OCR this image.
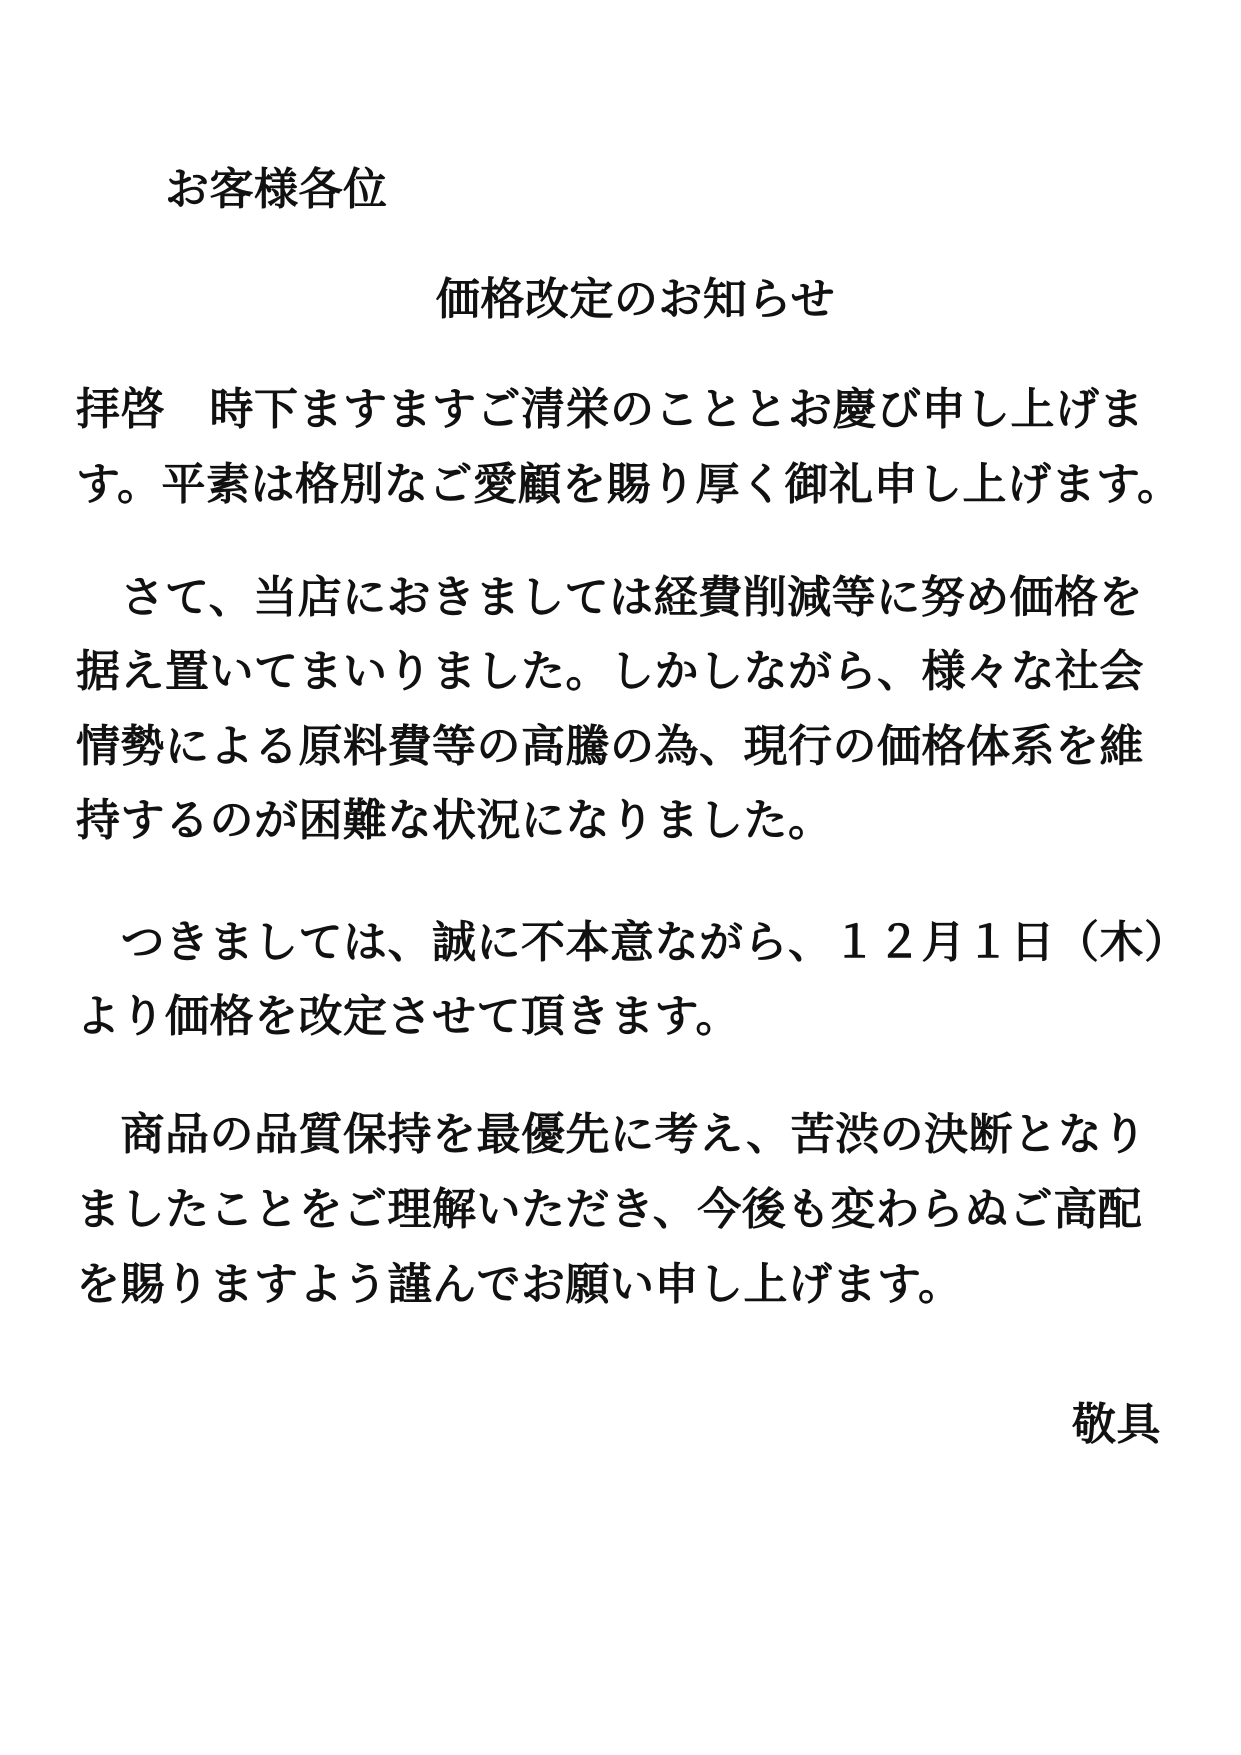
お客様各位
価格改定のお知らせ
拝啓　時下ますますご清栄のこととお慶び申し上げま
す。平素は格別なご愛顧を賜り厚く御礼申し上げます。
　さて、当店におきましては経費削減等に努め価格を
据え置いてまいりました。しかしながら、様々な社会
情勢による原料費等の高騰の為、現行の価格体系を維
持するのが困難な状況になりました。
　つきましては、誠に不本意ながら、１２月１日（木）
より価格を改定させて頂きます。
　商品の品質保持を最優先に考え、苦渋の決断となり
ましたことをご理解いただき、今後も変わらぬご高配
を賜りますよう謹んでお願い申し上げます。
敬具
